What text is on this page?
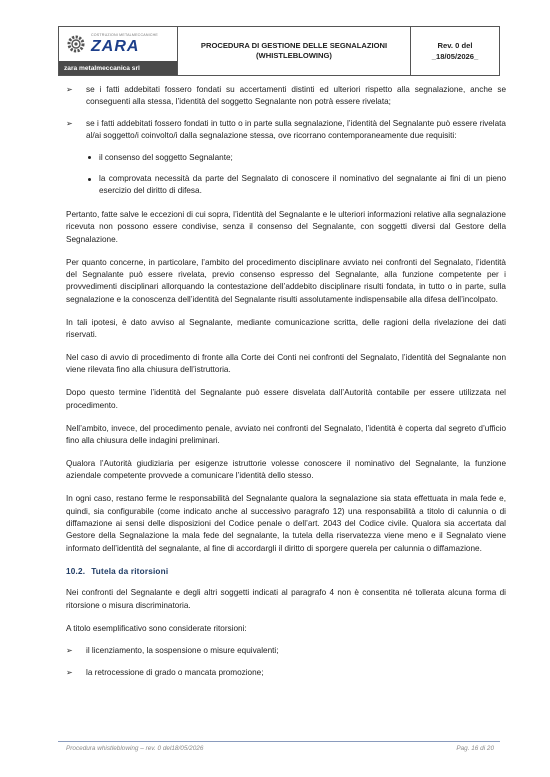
COSTRUZIONI METALMECCANICHE
ZARA
zara metalmeccanica srl
PROCEDURA DI GESTIONE DELLE SEGNALAZIONI
(WHISTLEBLOWING)
Rev. 0 del
_18/05/2026_
➢ se i fatti addebitati fossero fondati su accertamenti distinti ed ulteriori rispetto alla segnalazione, anche se conseguenti alla stessa, l’identità del soggetto Segnalante non potrà essere rivelata;
➢ se i fatti addebitati fossero fondati in tutto o in parte sulla segnalazione, l’identità del Segnalante può essere rivelata al/ai soggetto/i coinvolto/i dalla segnalazione stessa, ove ricorrano contemporaneamente due requisiti:
il consenso del soggetto Segnalante;
la comprovata necessità da parte del Segnalato di conoscere il nominativo del segnalante ai fini di un pieno esercizio del diritto di difesa.

Pertanto, fatte salve le eccezioni di cui sopra, l’identità del Segnalante e le ulteriori informazioni relative alla segnalazione ricevuta non possono essere condivise, senza il consenso del Segnalante, con soggetti diversi dal Gestore della Segnalazione.

Per quanto concerne, in particolare, l’ambito del procedimento disciplinare avviato nei confronti del Segnalato, l’identità del Segnalante può essere rivelata, previo consenso espresso del Segnalante, alla funzione competente per i provvedimenti disciplinari allorquando la contestazione dell’addebito disciplinare risulti fondata, in tutto o in parte, sulla segnalazione e la conoscenza dell’identità del Segnalante risulti assolutamente indispensabile alla difesa dell’incolpato.

In tali ipotesi, è dato avviso al Segnalante, mediante comunicazione scritta, delle ragioni della rivelazione dei dati riservati.

Nel caso di avvio di procedimento di fronte alla Corte dei Conti nei confronti del Segnalato, l’identità del Segnalante non viene rilevata fino alla chiusura dell’istruttoria.

Dopo questo termine l’identità del Segnalante può essere disvelata dall’Autorità contabile per essere utilizzata nel procedimento.

Nell’ambito, invece, del procedimento penale, avviato nei confronti del Segnalato, l’identità è coperta dal segreto d’ufficio fino alla chiusura delle indagini preliminari.

Qualora l’Autorità giudiziaria per esigenze istruttorie volesse conoscere il nominativo del Segnalante, la funzione aziendale competente provvede a comunicare l’identità dello stesso.

In ogni caso, restano ferme le responsabilità del Segnalante qualora la segnalazione sia stata effettuata in mala fede e, quindi, sia configurabile (come indicato anche al successivo paragrafo 12) una responsabilità a titolo di calunnia o di diffamazione ai sensi delle disposizioni del Codice penale o dell’art. 2043 del Codice civile. Qualora sia accertata dal Gestore della Segnalazione la mala fede del segnalante, la tutela della riservatezza viene meno e il Segnalato viene informato dell’identità del segnalante, al fine di accordargli il diritto di sporgere querela per calunnia o diffamazione.

10.2. Tutela da ritorsioni

Nei confronti del Segnalante e degli altri soggetti indicati al paragrafo 4 non è consentita né tollerata alcuna forma di ritorsione o misura discriminatoria.

A titolo esemplificativo sono considerate ritorsioni:

➢ il licenziamento, la sospensione o misure equivalenti;
➢ la retrocessione di grado o mancata promozione;
Procedura whistleblowing – rev. 0 del18/05/2026	Pag. 16 di 20
